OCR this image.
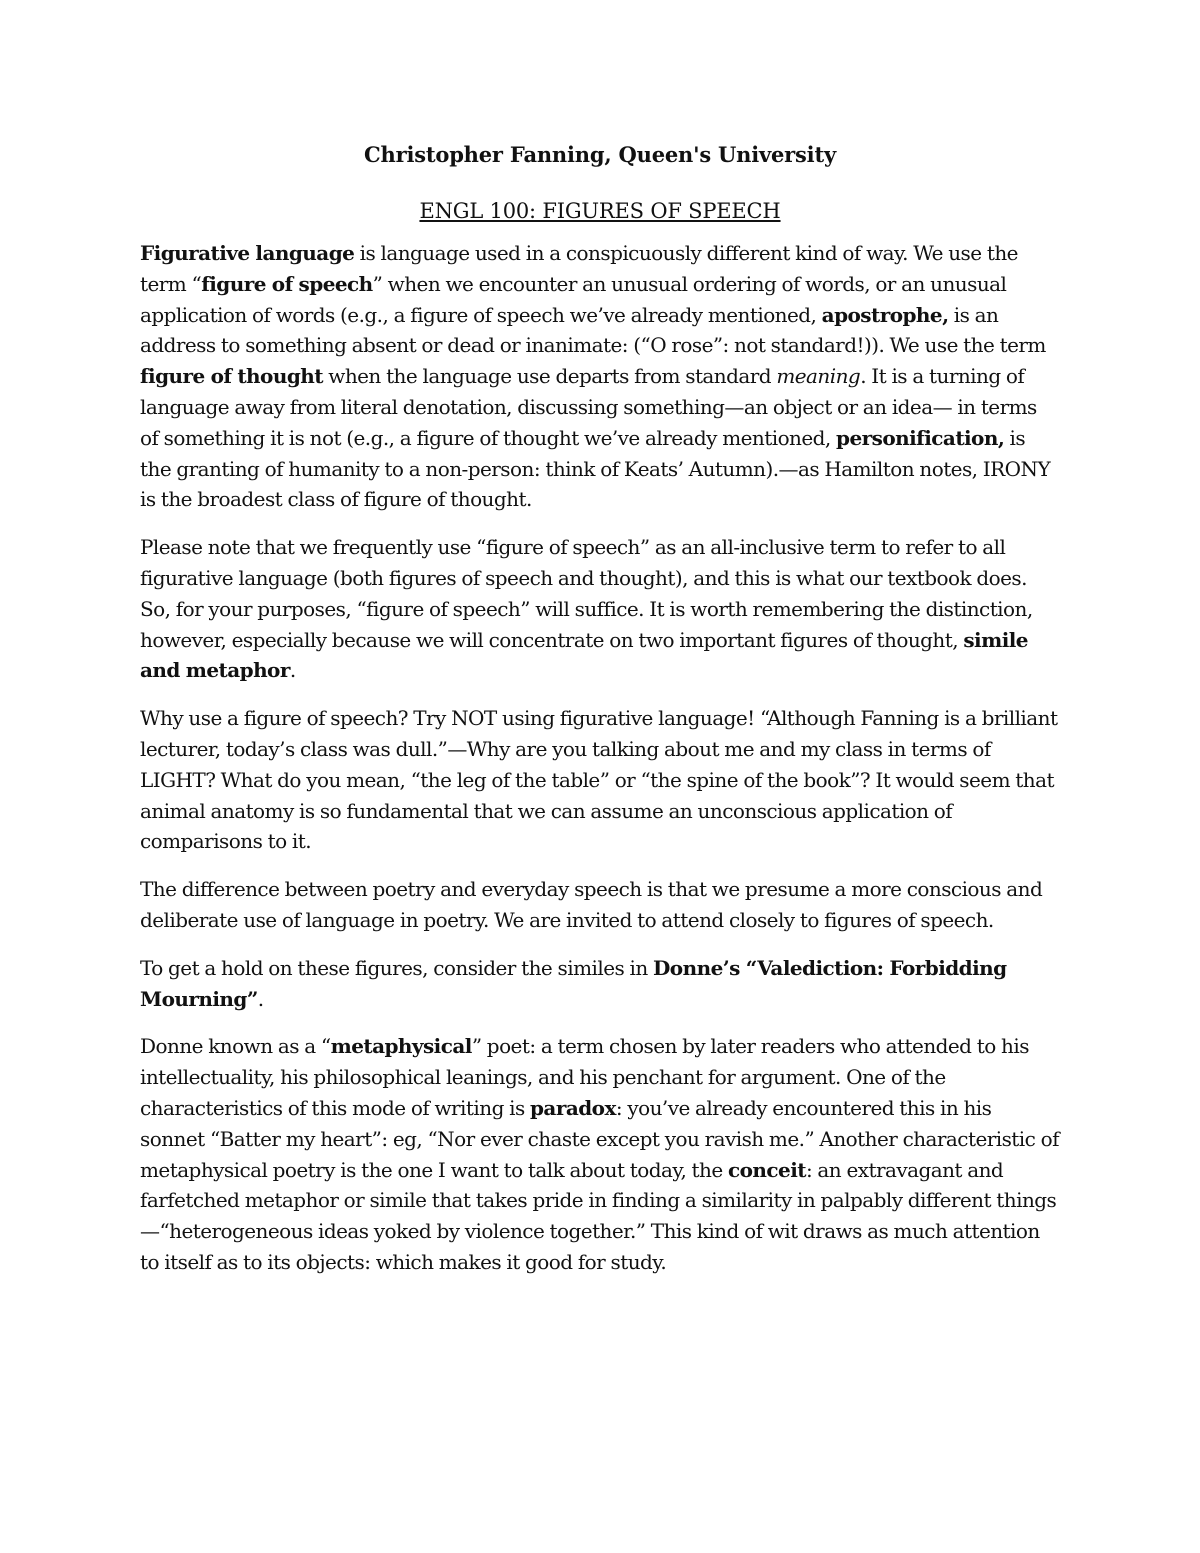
Christopher Fanning, Queen's University
ENGL 100: FIGURES OF SPEECH

Figurative language is language used in a conspicuously different kind of way. We use the term “figure of speech” when we encounter an unusual ordering of words, or an unusual application of words (e.g., a figure of speech we’ve already mentioned, apostrophe, is an address to something absent or dead or inanimate: (“O rose”: not standard!)). We use the term figure of thought when the language use departs from standard meaning. It is a turning of language away from literal denotation, discussing something—an object or an idea— in terms of something it is not (e.g., a figure of thought we’ve already mentioned, personification, is the granting of humanity to a non-person: think of Keats’ Autumn).—as Hamilton notes, IRONY is the broadest class of figure of thought.

Please note that we frequently use “figure of speech” as an all-inclusive term to refer to all figurative language (both figures of speech and thought), and this is what our textbook does. So, for your purposes, “figure of speech” will suffice. It is worth remembering the distinction, however, especially because we will concentrate on two important figures of thought, simile and metaphor.

Why use a figure of speech? Try NOT using figurative language! “Although Fanning is a brilliant lecturer, today’s class was dull.”—Why are you talking about me and my class in terms of LIGHT? What do you mean, “the leg of the table” or “the spine of the book”? It would seem that animal anatomy is so fundamental that we can assume an unconscious application of comparisons to it.

The difference between poetry and everyday speech is that we presume a more conscious and deliberate use of language in poetry. We are invited to attend closely to figures of speech.

To get a hold on these figures, consider the similes in Donne’s “Valediction: Forbidding Mourning”.

Donne known as a “metaphysical” poet: a term chosen by later readers who attended to his intellectuality, his philosophical leanings, and his penchant for argument. One of the characteristics of this mode of writing is paradox: you’ve already encountered this in his sonnet “Batter my heart”: eg, “Nor ever chaste except you ravish me.” Another characteristic of metaphysical poetry is the one I want to talk about today, the conceit: an extravagant and farfetched metaphor or simile that takes pride in finding a similarity in palpably different things—“heterogeneous ideas yoked by violence together.” This kind of wit draws as much attention to itself as to its objects: which makes it good for study.
